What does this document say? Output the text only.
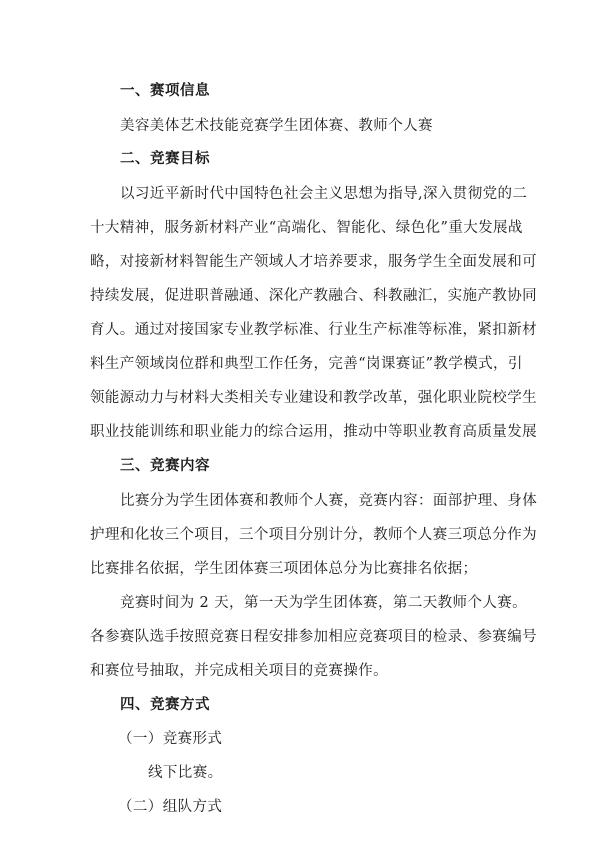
一、赛项信息
美容美体艺术技能竞赛学生团体赛、教师个人赛
二、竞赛目标
以习近平新时代中国特色社会主义思想为指导,深入贯彻党的二
十大精神，服务新材料产业“高端化、智能化、绿色化”重大发展战
略，对接新材料智能生产领域人才培养要求，服务学生全面发展和可
持续发展，促进职普融通、深化产教融合、科教融汇，实施产教协同
育人。通过对接国家专业教学标准、行业生产标准等标准，紧扣新材
料生产领域岗位群和典型工作任务，完善“岗课赛证”教学模式，引
领能源动力与材料大类相关专业建设和教学改革，强化职业院校学生
职业技能训练和职业能力的综合运用，推动中等职业教育高质量发展
三、竞赛内容
比赛分为学生团体赛和教师个人赛，竞赛内容：面部护理、身体
护理和化妆三个项目，三个项目分别计分，教师个人赛三项总分作为
比赛排名依据，学生团体赛三项团体总分为比赛排名依据；
竞赛时间为 2 天，第一天为学生团体赛，第二天教师个人赛。
各参赛队选手按照竞赛日程安排参加相应竞赛项目的检录、参赛编号
和赛位号抽取，并完成相关项目的竞赛操作。
四、竞赛方式
（一）竞赛形式
线下比赛。
（二）组队方式
